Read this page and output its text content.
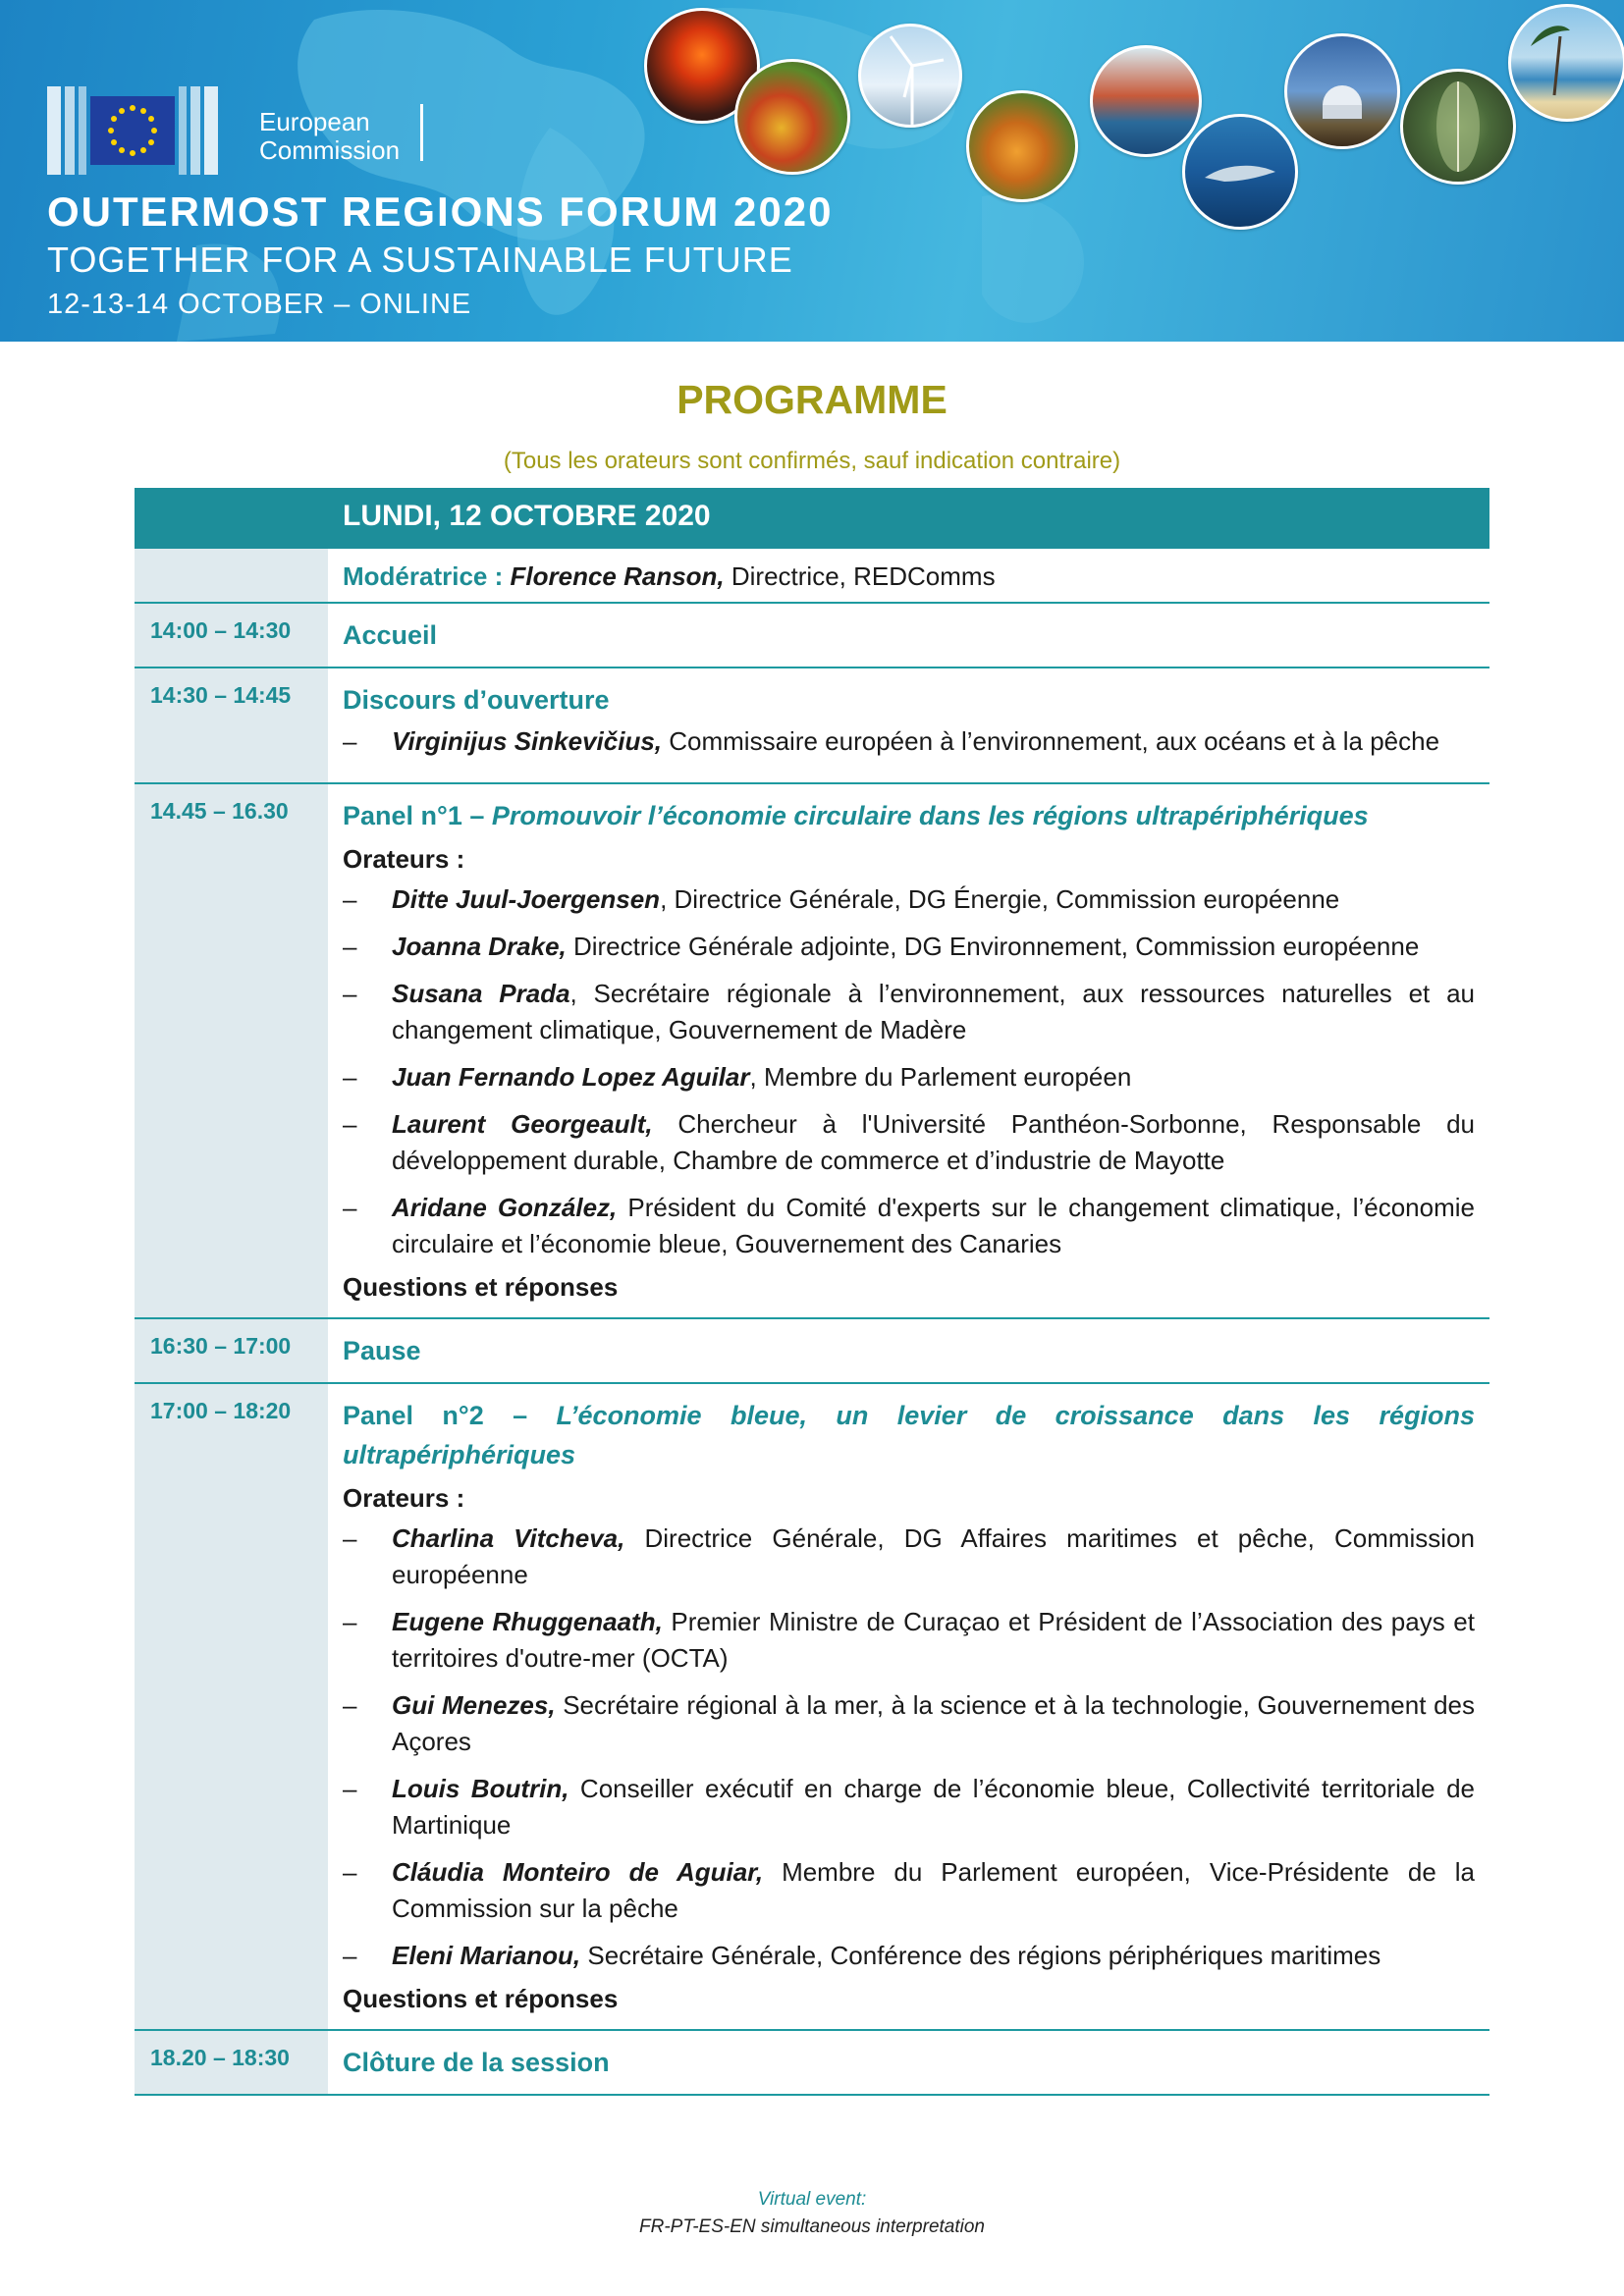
European
Commission
OUTERMOST REGIONS FORUM 2020
TOGETHER FOR A SUSTAINABLE FUTURE
12-13-14 OCTOBER – ONLINE
PROGRAMME
(Tous les orateurs sont confirmés, sauf indication contraire)
LUNDI, 12 OCTOBRE 2020
Modératrice : Florence Ranson, Directrice, REDComms
14:00 – 14:30	Accueil
14:30 – 14:45	Discours d’ouverture
– Virginijus Sinkevičius, Commissaire européen à l’environnement, aux océans et à la pêche
14.45 – 16.30	Panel n°1 – Promouvoir l’économie circulaire dans les régions ultrapériphériques
Orateurs :
– Ditte Juul-Joergensen, Directrice Générale, DG Énergie, Commission européenne
– Joanna Drake, Directrice Générale adjointe, DG Environnement, Commission européenne
– Susana Prada, Secrétaire régionale à l’environnement, aux ressources naturelles et au changement climatique, Gouvernement de Madère
– Juan Fernando Lopez Aguilar, Membre du Parlement européen
– Laurent Georgeault, Chercheur à l'Université Panthéon-Sorbonne, Responsable du développement durable, Chambre de commerce et d’industrie de Mayotte
– Aridane González, Président du Comité d'experts sur le changement climatique, l’économie circulaire et l’économie bleue, Gouvernement des Canaries
Questions et réponses
16:30 – 17:00	Pause
17:00 – 18:20	Panel n°2 – L’économie bleue, un levier de croissance dans les régions ultrapériphériques
Orateurs :
– Charlina Vitcheva, Directrice Générale, DG Affaires maritimes et pêche, Commission européenne
– Eugene Rhuggenaath, Premier Ministre de Curaçao et Président de l’Association des pays et territoires d'outre-mer (OCTA)
– Gui Menezes, Secrétaire régional à la mer, à la science et à la technologie, Gouvernement des Açores
– Louis Boutrin, Conseiller exécutif en charge de l’économie bleue, Collectivité territoriale de Martinique
– Cláudia Monteiro de Aguiar, Membre du Parlement européen, Vice-Présidente de la Commission sur la pêche
– Eleni Marianou, Secrétaire Générale, Conférence des régions périphériques maritimes
Questions et réponses
18.20 – 18:30	Clôture de la session
Virtual event:
FR-PT-ES-EN simultaneous interpretation
